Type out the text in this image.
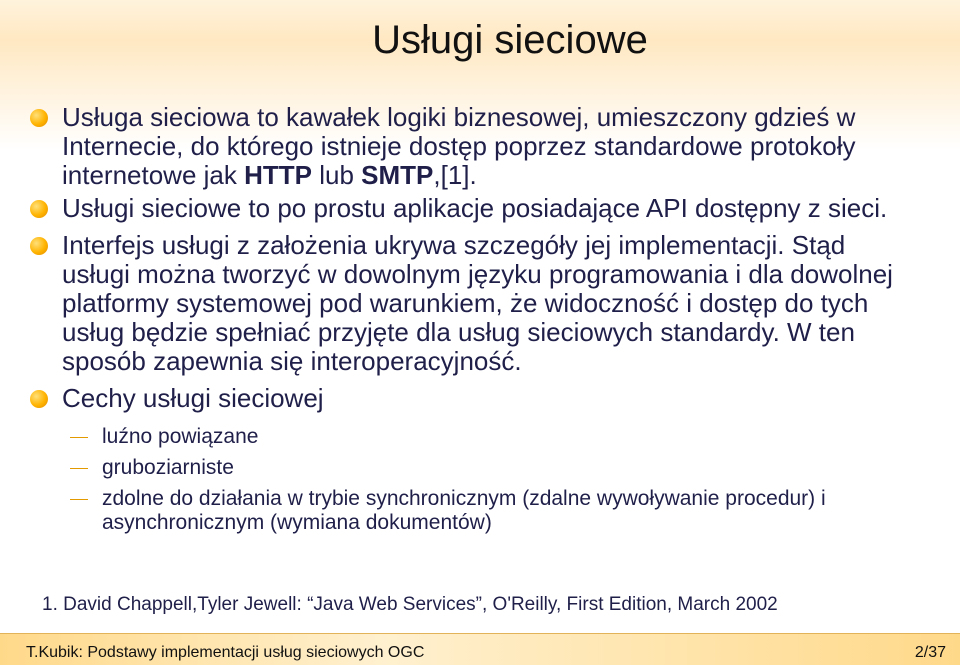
Usługi sieciowe
Usługa sieciowa to kawałek logiki biznesowej, umieszczony gdzieś w Internecie, do którego istnieje dostęp poprzez standardowe protokoły internetowe jak HTTP lub SMTP,[1].
Usługi sieciowe to po prostu aplikacje posiadające API dostępny z sieci.
Interfejs usługi z założenia ukrywa szczegóły jej implementacji. Stąd usługi można tworzyć w dowolnym języku programowania i dla dowolnej platformy systemowej pod warunkiem, że widoczność i dostęp do tych usług będzie spełniać przyjęte dla usług sieciowych standardy. W ten sposób zapewnia się interoperacyjność.
Cechy usługi sieciowej
luźno powiązane
gruboziarniste
zdolne do działania w trybie synchronicznym (zdalne wywoływanie procedur) i asynchronicznym (wymiana dokumentów)
1. David Chappell,Tyler Jewell: “Java Web Services”, O'Reilly, First Edition, March 2002
T.Kubik: Podstawy implementacji usług sieciowych OGC	2/37
